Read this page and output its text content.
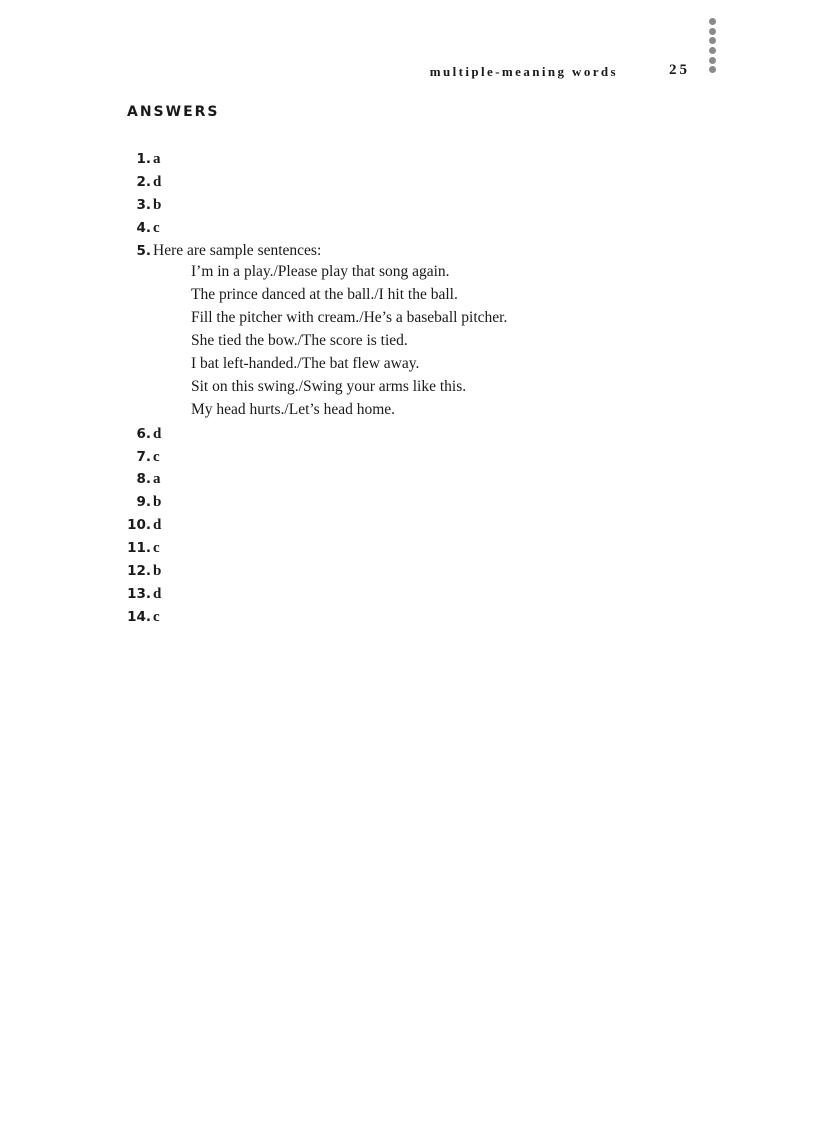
multiple-meaning words	25
ANSWERS
1. a
2. d
3. b
4. c
5. Here are sample sentences:
I’m in a play./Please play that song again.
The prince danced at the ball./I hit the ball.
Fill the pitcher with cream./He’s a baseball pitcher.
She tied the bow./The score is tied.
I bat left-handed./The bat flew away.
Sit on this swing./Swing your arms like this.
My head hurts./Let’s head home.
6. d
7. c
8. a
9. b
10. d
11. c
12. b
13. d
14. c
